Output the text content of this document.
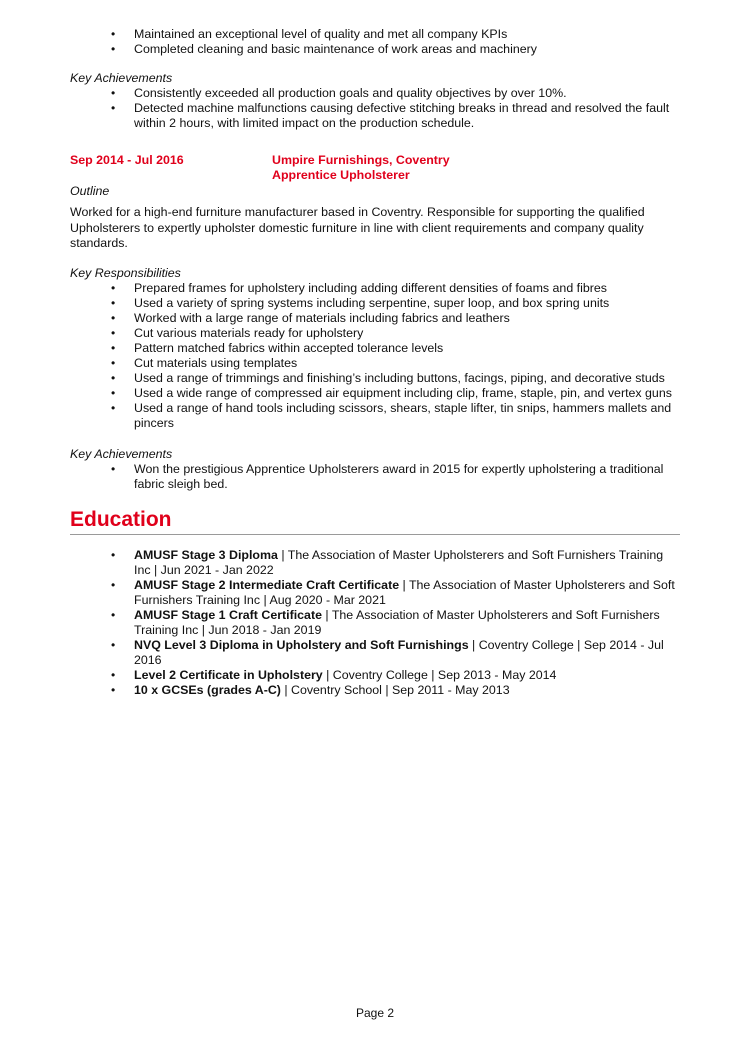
• Maintained an exceptional level of quality and met all company KPIs
• Completed cleaning and basic maintenance of work areas and machinery
Key Achievements
• Consistently exceeded all production goals and quality objectives by over 10%.
• Detected machine malfunctions causing defective stitching breaks in thread and resolved the fault within 2 hours, with limited impact on the production schedule.
Sep 2014 - Jul 2016	Umpire Furnishings, Coventry
Apprentice Upholsterer
Outline

Worked for a high-end furniture manufacturer based in Coventry. Responsible for supporting the qualified Upholsterers to expertly upholster domestic furniture in line with client requirements and company quality standards.

Key Responsibilities
• Prepared frames for upholstery including adding different densities of foams and fibres
• Used a variety of spring systems including serpentine, super loop, and box spring units
• Worked with a large range of materials including fabrics and leathers
• Cut various materials ready for upholstery
• Pattern matched fabrics within accepted tolerance levels
• Cut materials using templates
• Used a range of trimmings and finishing’s including buttons, facings, piping, and decorative studs
• Used a wide range of compressed air equipment including clip, frame, staple, pin, and vertex guns
• Used a range of hand tools including scissors, shears, staple lifter, tin snips, hammers mallets and pincers
Key Achievements
• Won the prestigious Apprentice Upholsterers award in 2015 for expertly upholstering a traditional fabric sleigh bed.
Education
• AMUSF Stage 3 Diploma | The Association of Master Upholsterers and Soft Furnishers Training Inc | Jun 2021 - Jan 2022
• AMUSF Stage 2 Intermediate Craft Certificate | The Association of Master Upholsterers and Soft Furnishers Training Inc | Aug 2020 - Mar 2021
• AMUSF Stage 1 Craft Certificate | The Association of Master Upholsterers and Soft Furnishers Training Inc | Jun 2018 - Jan 2019
• NVQ Level 3 Diploma in Upholstery and Soft Furnishings | Coventry College | Sep 2014 - Jul 2016
• Level 2 Certificate in Upholstery | Coventry College | Sep 2013 - May 2014
• 10 x GCSEs (grades A-C) | Coventry School | Sep 2011 - May 2013
Page 2
